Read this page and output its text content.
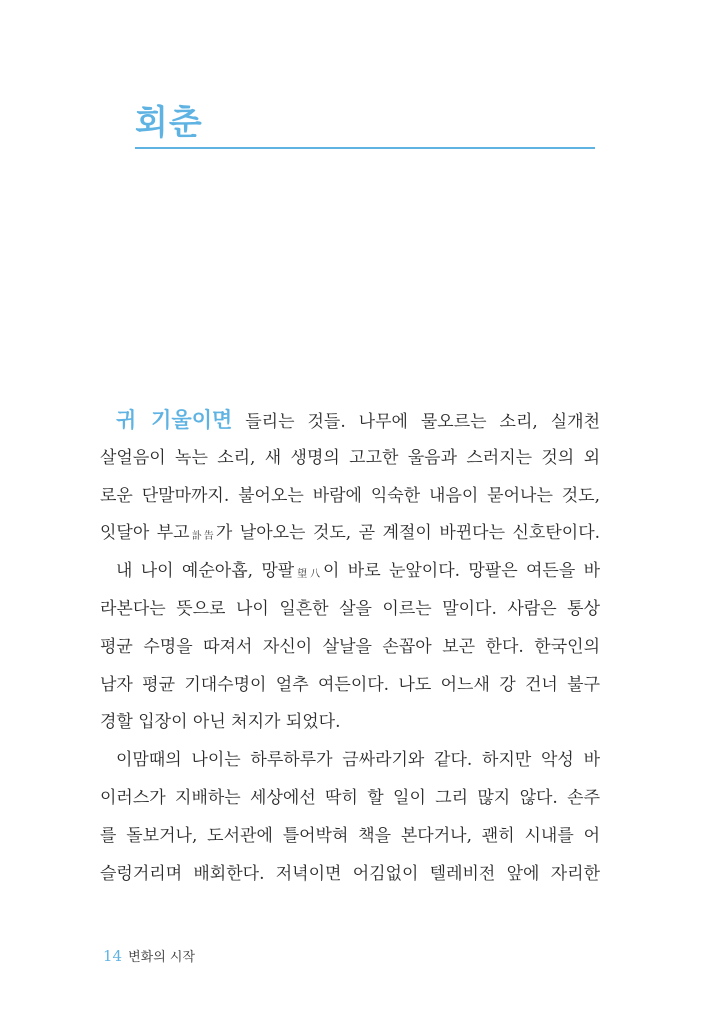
회춘
귀 기울이면 들리는 것들. 나무에 물오르는 소리, 실개천
살얼음이 녹는 소리, 새 생명의 고고한 울음과 스러지는 것의 외
로운 단말마까지. 불어오는 바람에 익숙한 내음이 묻어나는 것도,
잇달아 부고訃告가 날아오는 것도, 곧 계절이 바뀐다는 신호탄이다.
내 나이 예순아홉, 망팔望八이 바로 눈앞이다. 망팔은 여든을 바
라본다는 뜻으로 나이 일흔한 살을 이르는 말이다. 사람은 통상
평균 수명을 따져서 자신이 살날을 손꼽아 보곤 한다. 한국인의
남자 평균 기대수명이 얼추 여든이다. 나도 어느새 강 건너 불구
경할 입장이 아닌 처지가 되었다.
이맘때의 나이는 하루하루가 금싸라기와 같다. 하지만 악성 바
이러스가 지배하는 세상에선 딱히 할 일이 그리 많지 않다. 손주
를 돌보거나, 도서관에 틀어박혀 책을 본다거나, 괜히 시내를 어
슬렁거리며 배회한다. 저녁이면 어김없이 텔레비전 앞에 자리한
14 변화의 시작
